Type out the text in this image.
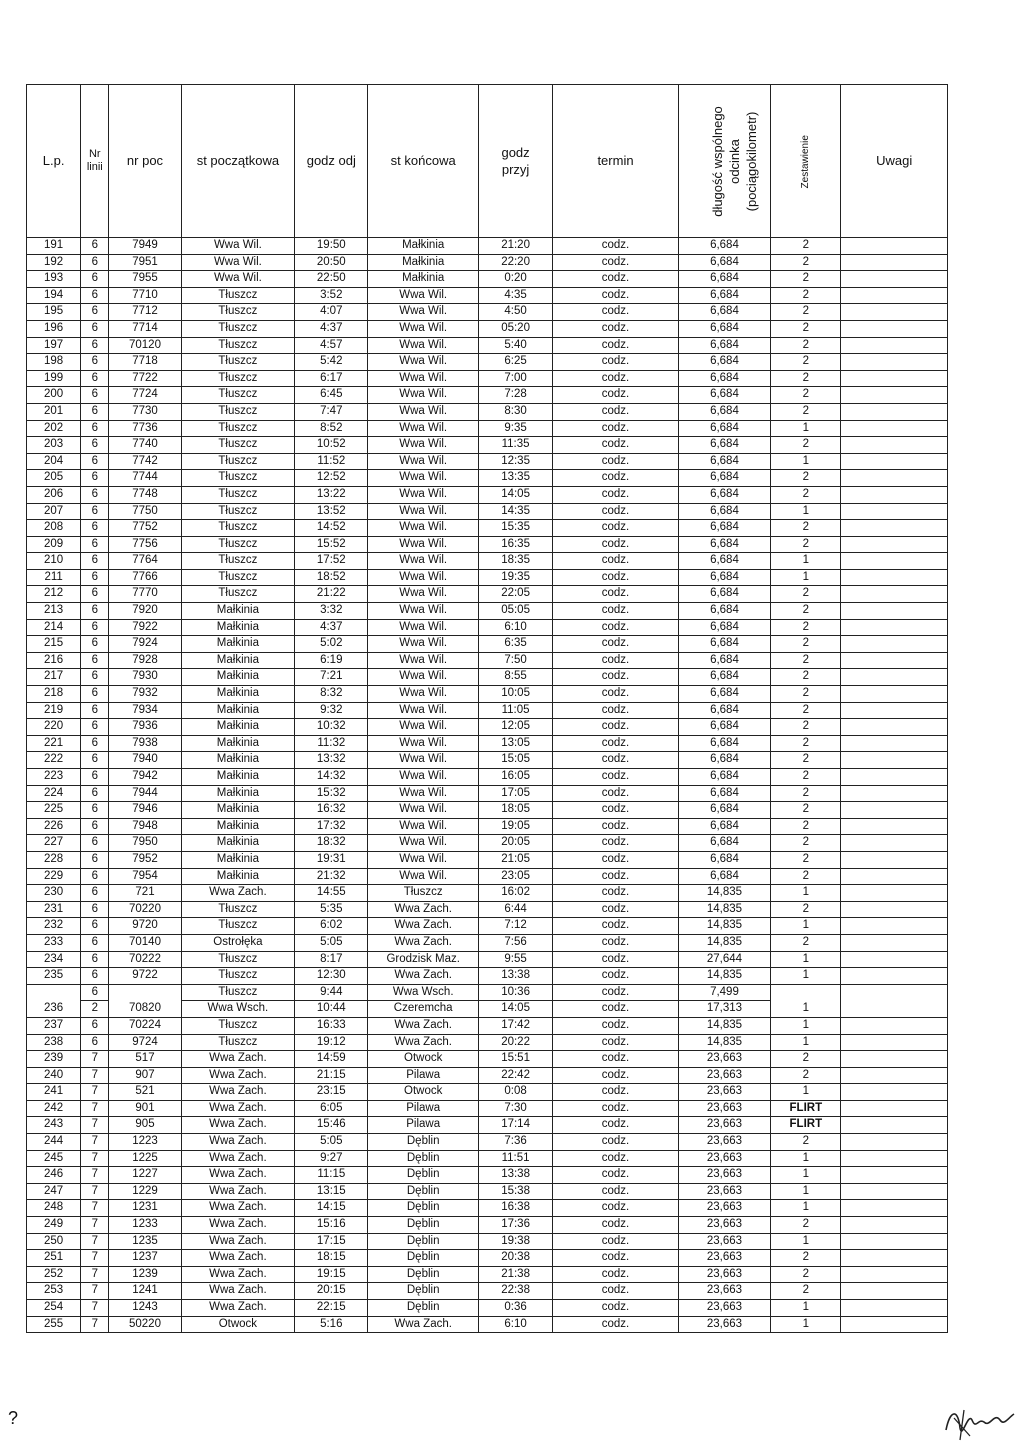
L.p.	Nr
linii	nr poc	st początkowa	godz odj	st końcowa	godz
przyj	termin	długość wspólnego
odcinka
(pociągokilometr)	Zestawienie	Uwagi
191	6	7949	Wwa Wil.	19:50	Małkinia	21:20	codz.	6,684	2	
192	6	7951	Wwa Wil.	20:50	Małkinia	22:20	codz.	6,684	2	
193	6	7955	Wwa Wil.	22:50	Małkinia	0:20	codz.	6,684	2	
194	6	7710	Tłuszcz	3:52	Wwa Wil.	4:35	codz.	6,684	2	
195	6	7712	Tłuszcz	4:07	Wwa Wil.	4:50	codz.	6,684	2	
196	6	7714	Tłuszcz	4:37	Wwa Wil.	05:20	codz.	6,684	2	
197	6	70120	Tłuszcz	4:57	Wwa Wil.	5:40	codz.	6,684	2	
198	6	7718	Tłuszcz	5:42	Wwa Wil.	6:25	codz.	6,684	2	
199	6	7722	Tłuszcz	6:17	Wwa Wil.	7:00	codz.	6,684	2	
200	6	7724	Tłuszcz	6:45	Wwa Wil.	7:28	codz.	6,684	2	
201	6	7730	Tłuszcz	7:47	Wwa Wil.	8:30	codz.	6,684	2	
202	6	7736	Tłuszcz	8:52	Wwa Wil.	9:35	codz.	6,684	1	
203	6	7740	Tłuszcz	10:52	Wwa Wil.	11:35	codz.	6,684	2	
204	6	7742	Tłuszcz	11:52	Wwa Wil.	12:35	codz.	6,684	1	
205	6	7744	Tłuszcz	12:52	Wwa Wil.	13:35	codz.	6,684	2	
206	6	7748	Tłuszcz	13:22	Wwa Wil.	14:05	codz.	6,684	2	
207	6	7750	Tłuszcz	13:52	Wwa Wil.	14:35	codz.	6,684	1	
208	6	7752	Tłuszcz	14:52	Wwa Wil.	15:35	codz.	6,684	2	
209	6	7756	Tłuszcz	15:52	Wwa Wil.	16:35	codz.	6,684	2	
210	6	7764	Tłuszcz	17:52	Wwa Wil.	18:35	codz.	6,684	1	
211	6	7766	Tłuszcz	18:52	Wwa Wil.	19:35	codz.	6,684	1	
212	6	7770	Tłuszcz	21:22	Wwa Wil.	22:05	codz.	6,684	2	
213	6	7920	Małkinia	3:32	Wwa Wil.	05:05	codz.	6,684	2	
214	6	7922	Małkinia	4:37	Wwa Wil.	6:10	codz.	6,684	2	
215	6	7924	Małkinia	5:02	Wwa Wil.	6:35	codz.	6,684	2	
216	6	7928	Małkinia	6:19	Wwa Wil.	7:50	codz.	6,684	2	
217	6	7930	Małkinia	7:21	Wwa Wil.	8:55	codz.	6,684	2	
218	6	7932	Małkinia	8:32	Wwa Wil.	10:05	codz.	6,684	2	
219	6	7934	Małkinia	9:32	Wwa Wil.	11:05	codz.	6,684	2	
220	6	7936	Małkinia	10:32	Wwa Wil.	12:05	codz.	6,684	2	
221	6	7938	Małkinia	11:32	Wwa Wil.	13:05	codz.	6,684	2	
222	6	7940	Małkinia	13:32	Wwa Wil.	15:05	codz.	6,684	2	
223	6	7942	Małkinia	14:32	Wwa Wil.	16:05	codz.	6,684	2	
224	6	7944	Małkinia	15:32	Wwa Wil.	17:05	codz.	6,684	2	
225	6	7946	Małkinia	16:32	Wwa Wil.	18:05	codz.	6,684	2	
226	6	7948	Małkinia	17:32	Wwa Wil.	19:05	codz.	6,684	2	
227	6	7950	Małkinia	18:32	Wwa Wil.	20:05	codz.	6,684	2	
228	6	7952	Małkinia	19:31	Wwa Wil.	21:05	codz.	6,684	2	
229	6	7954	Małkinia	21:32	Wwa Wil.	23:05	codz.	6,684	2	
230	6	721	Wwa Zach.	14:55	Tłuszcz	16:02	codz.	14,835	1	
231	6	70220	Tłuszcz	5:35	Wwa Zach.	6:44	codz.	14,835	2	
232	6	9720	Tłuszcz	6:02	Wwa Zach.	7:12	codz.	14,835	1	
233	6	70140	Ostrołęka	5:05	Wwa Zach.	7:56	codz.	14,835	2	
234	6	70222	Tłuszcz	8:17	Grodzisk Maz.	9:55	codz.	27,644	1	
235	6	9722	Tłuszcz	12:30	Wwa Zach.	13:38	codz.	14,835	1	
236	6	70820	Tłuszcz	9:44	Wwa Wsch.	10:36	codz.	7,499	1	
	2		Wwa Wsch.	10:44	Czeremcha	14:05	codz.	17,313		
237	6	70224	Tłuszcz	16:33	Wwa Zach.	17:42	codz.	14,835	1	
238	6	9724	Tłuszcz	19:12	Wwa Zach.	20:22	codz.	14,835	1	
239	7	517	Wwa Zach.	14:59	Otwock	15:51	codz.	23,663	2	
240	7	907	Wwa Zach.	21:15	Pilawa	22:42	codz.	23,663	2	
241	7	521	Wwa Zach.	23:15	Otwock	0:08	codz.	23,663	1	
242	7	901	Wwa Zach.	6:05	Pilawa	7:30	codz.	23,663	FLIRT	
243	7	905	Wwa Zach.	15:46	Pilawa	17:14	codz.	23,663	FLIRT	
244	7	1223	Wwa Zach.	5:05	Dęblin	7:36	codz.	23,663	2	
245	7	1225	Wwa Zach.	9:27	Dęblin	11:51	codz.	23,663	1	
246	7	1227	Wwa Zach.	11:15	Dęblin	13:38	codz.	23,663	1	
247	7	1229	Wwa Zach.	13:15	Dęblin	15:38	codz.	23,663	1	
248	7	1231	Wwa Zach.	14:15	Dęblin	16:38	codz.	23,663	1	
249	7	1233	Wwa Zach.	15:16	Dęblin	17:36	codz.	23,663	2	
250	7	1235	Wwa Zach.	17:15	Dęblin	19:38	codz.	23,663	1	
251	7	1237	Wwa Zach.	18:15	Dęblin	20:38	codz.	23,663	2	
252	7	1239	Wwa Zach.	19:15	Dęblin	21:38	codz.	23,663	2	
253	7	1241	Wwa Zach.	20:15	Dęblin	22:38	codz.	23,663	2	
254	7	1243	Wwa Zach.	22:15	Dęblin	0:36	codz.	23,663	1	
255	7	50220	Otwock	5:16	Wwa Zach.	6:10	codz.	23,663	1	
?
